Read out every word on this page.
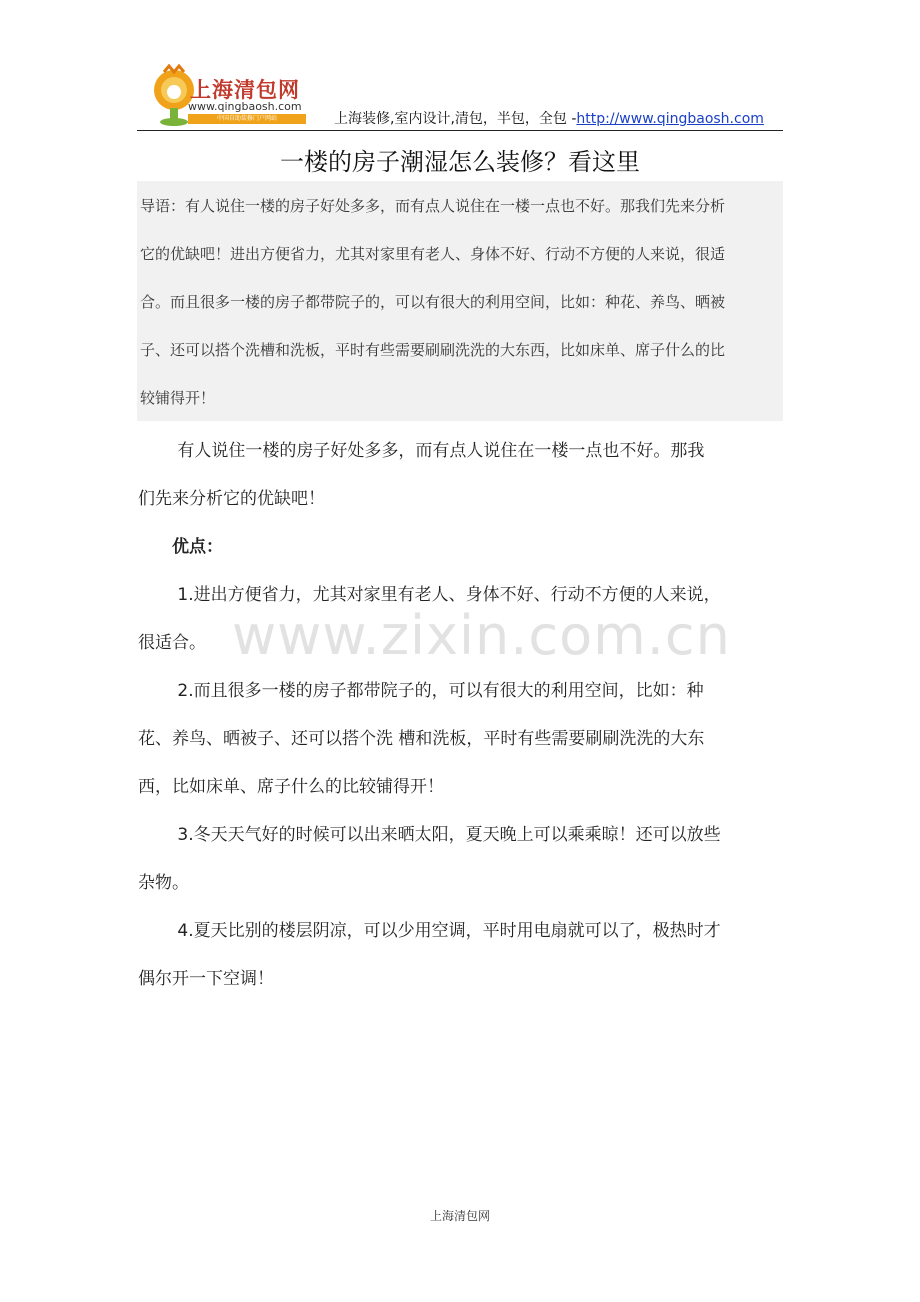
上海清包网
www.qingbaosh.com
中国自助装修门户网站	上海装修,室内设计,清包，半包，全包 -http://www.qingbaosh.com
一楼的房子潮湿怎么装修？看这里
导语：有人说住一楼的房子好处多多，而有点人说住在一楼一点也不好。那我们先来分析
它的优缺吧！进出方便省力，尤其对家里有老人、身体不好、行动不方便的人来说，很适
合。而且很多一楼的房子都带院子的，可以有很大的利用空间，比如：种花、养鸟、晒被
子、还可以搭个洗槽和洗板，平时有些需要刷刷洗洗的大东西，比如床单、席子什么的比
较铺得开！
www.zixin.com.cn
　　 有人说住一楼的房子好处多多，而有点人说住在一楼一点也不好。那我
们先来分析它的优缺吧！
　　优点：
　　 1.进出方便省力，尤其对家里有老人、身体不好、行动不方便的人来说，
很适合。
　　 2.而且很多一楼的房子都带院子的，可以有很大的利用空间，比如：种
花、养鸟、晒被子、还可以搭个洗 槽和洗板，平时有些需要刷刷洗洗的大东
西，比如床单、席子什么的比较铺得开！
　　 3.冬天天气好的时候可以出来晒太阳，夏天晚上可以乘乘晾！还可以放些
杂物。
　　 4.夏天比别的楼层阴凉，可以少用空调，平时用电扇就可以了，极热时才
偶尔开一下空调！
上海清包网
